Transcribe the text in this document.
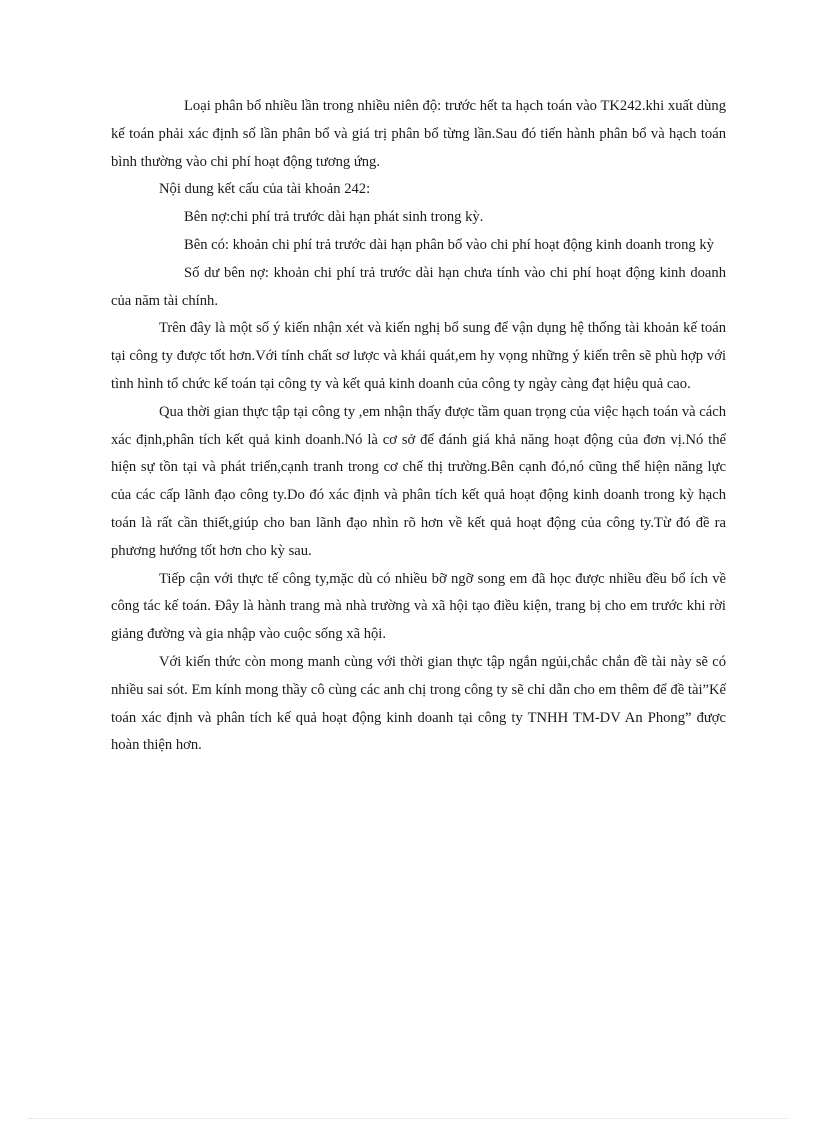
Loại phân bổ nhiều lần trong nhiều niên độ: trước hết ta hạch toán vào TK242.khi xuất dùng kế toán phải xác định số lần phân bổ và giá trị phân bổ từng lần.Sau đó tiến hành phân bổ và hạch toán bình thường vào chi phí hoạt động tương ứng.

Nội dung kết cấu của tài khoản 242:

Bên nợ:chi phí trả trước dài hạn phát sinh trong kỳ.

Bên có: khoản chi phí trả trước dài hạn phân bổ vào chi phí hoạt động kinh doanh trong kỳ

Số dư bên nợ: khoản chi phí trả trước dài hạn chưa tính vào chi phí hoạt động kinh doanh của năm tài chính.

Trên đây là một số ý kiến nhận xét và kiến nghị bổ sung để vận dụng hệ thống tài khoản kế toán tại công ty được tốt hơn.Với tính chất sơ lược và khái quát,em hy vọng những ý kiến trên sẽ phù hợp với tình hình tổ chức kế toán tại công ty và kết quả kinh doanh của công ty ngày càng đạt hiệu quả cao.

Qua thời gian thực tập tại công ty ,em nhận thấy được tầm quan trọng của việc hạch toán và cách xác định,phân tích kết quả kinh doanh.Nó là cơ sở để đánh giá khả năng hoạt động của đơn vị.Nó thể hiện sự tồn tại và phát triển,cạnh tranh trong cơ chế thị trường.Bên cạnh đó,nó cũng thể hiện năng lực của các cấp lãnh đạo công ty.Do đó xác định và phân tích kết quả hoạt động kinh doanh trong kỳ hạch toán là rất cần thiết,giúp cho ban lãnh đạo nhìn rõ hơn về kết quả hoạt động của công ty.Từ đó đề ra phương hướng tốt hơn cho kỳ sau.

Tiếp cận với thực tế công ty,mặc dù có nhiều bỡ ngỡ song em đã học được nhiều đều bổ ích về công tác kế toán. Đây là hành trang mà nhà trường và xã hội tạo điều kiện, trang bị cho em trước khi rời giảng đường và gia nhập vào cuộc sống xã hội.

Với kiến thức còn mong manh cùng với thời gian thực tập ngắn ngủi,chắc chắn đề tài này sẽ có nhiều sai sót. Em kính mong thầy cô cùng các anh chị trong công ty sẽ chỉ dẫn cho em thêm để đề tài”Kế toán xác định và phân tích kế quả hoạt động kinh doanh tại công ty TNHH TM-DV An Phong” được hoàn thiện hơn.
